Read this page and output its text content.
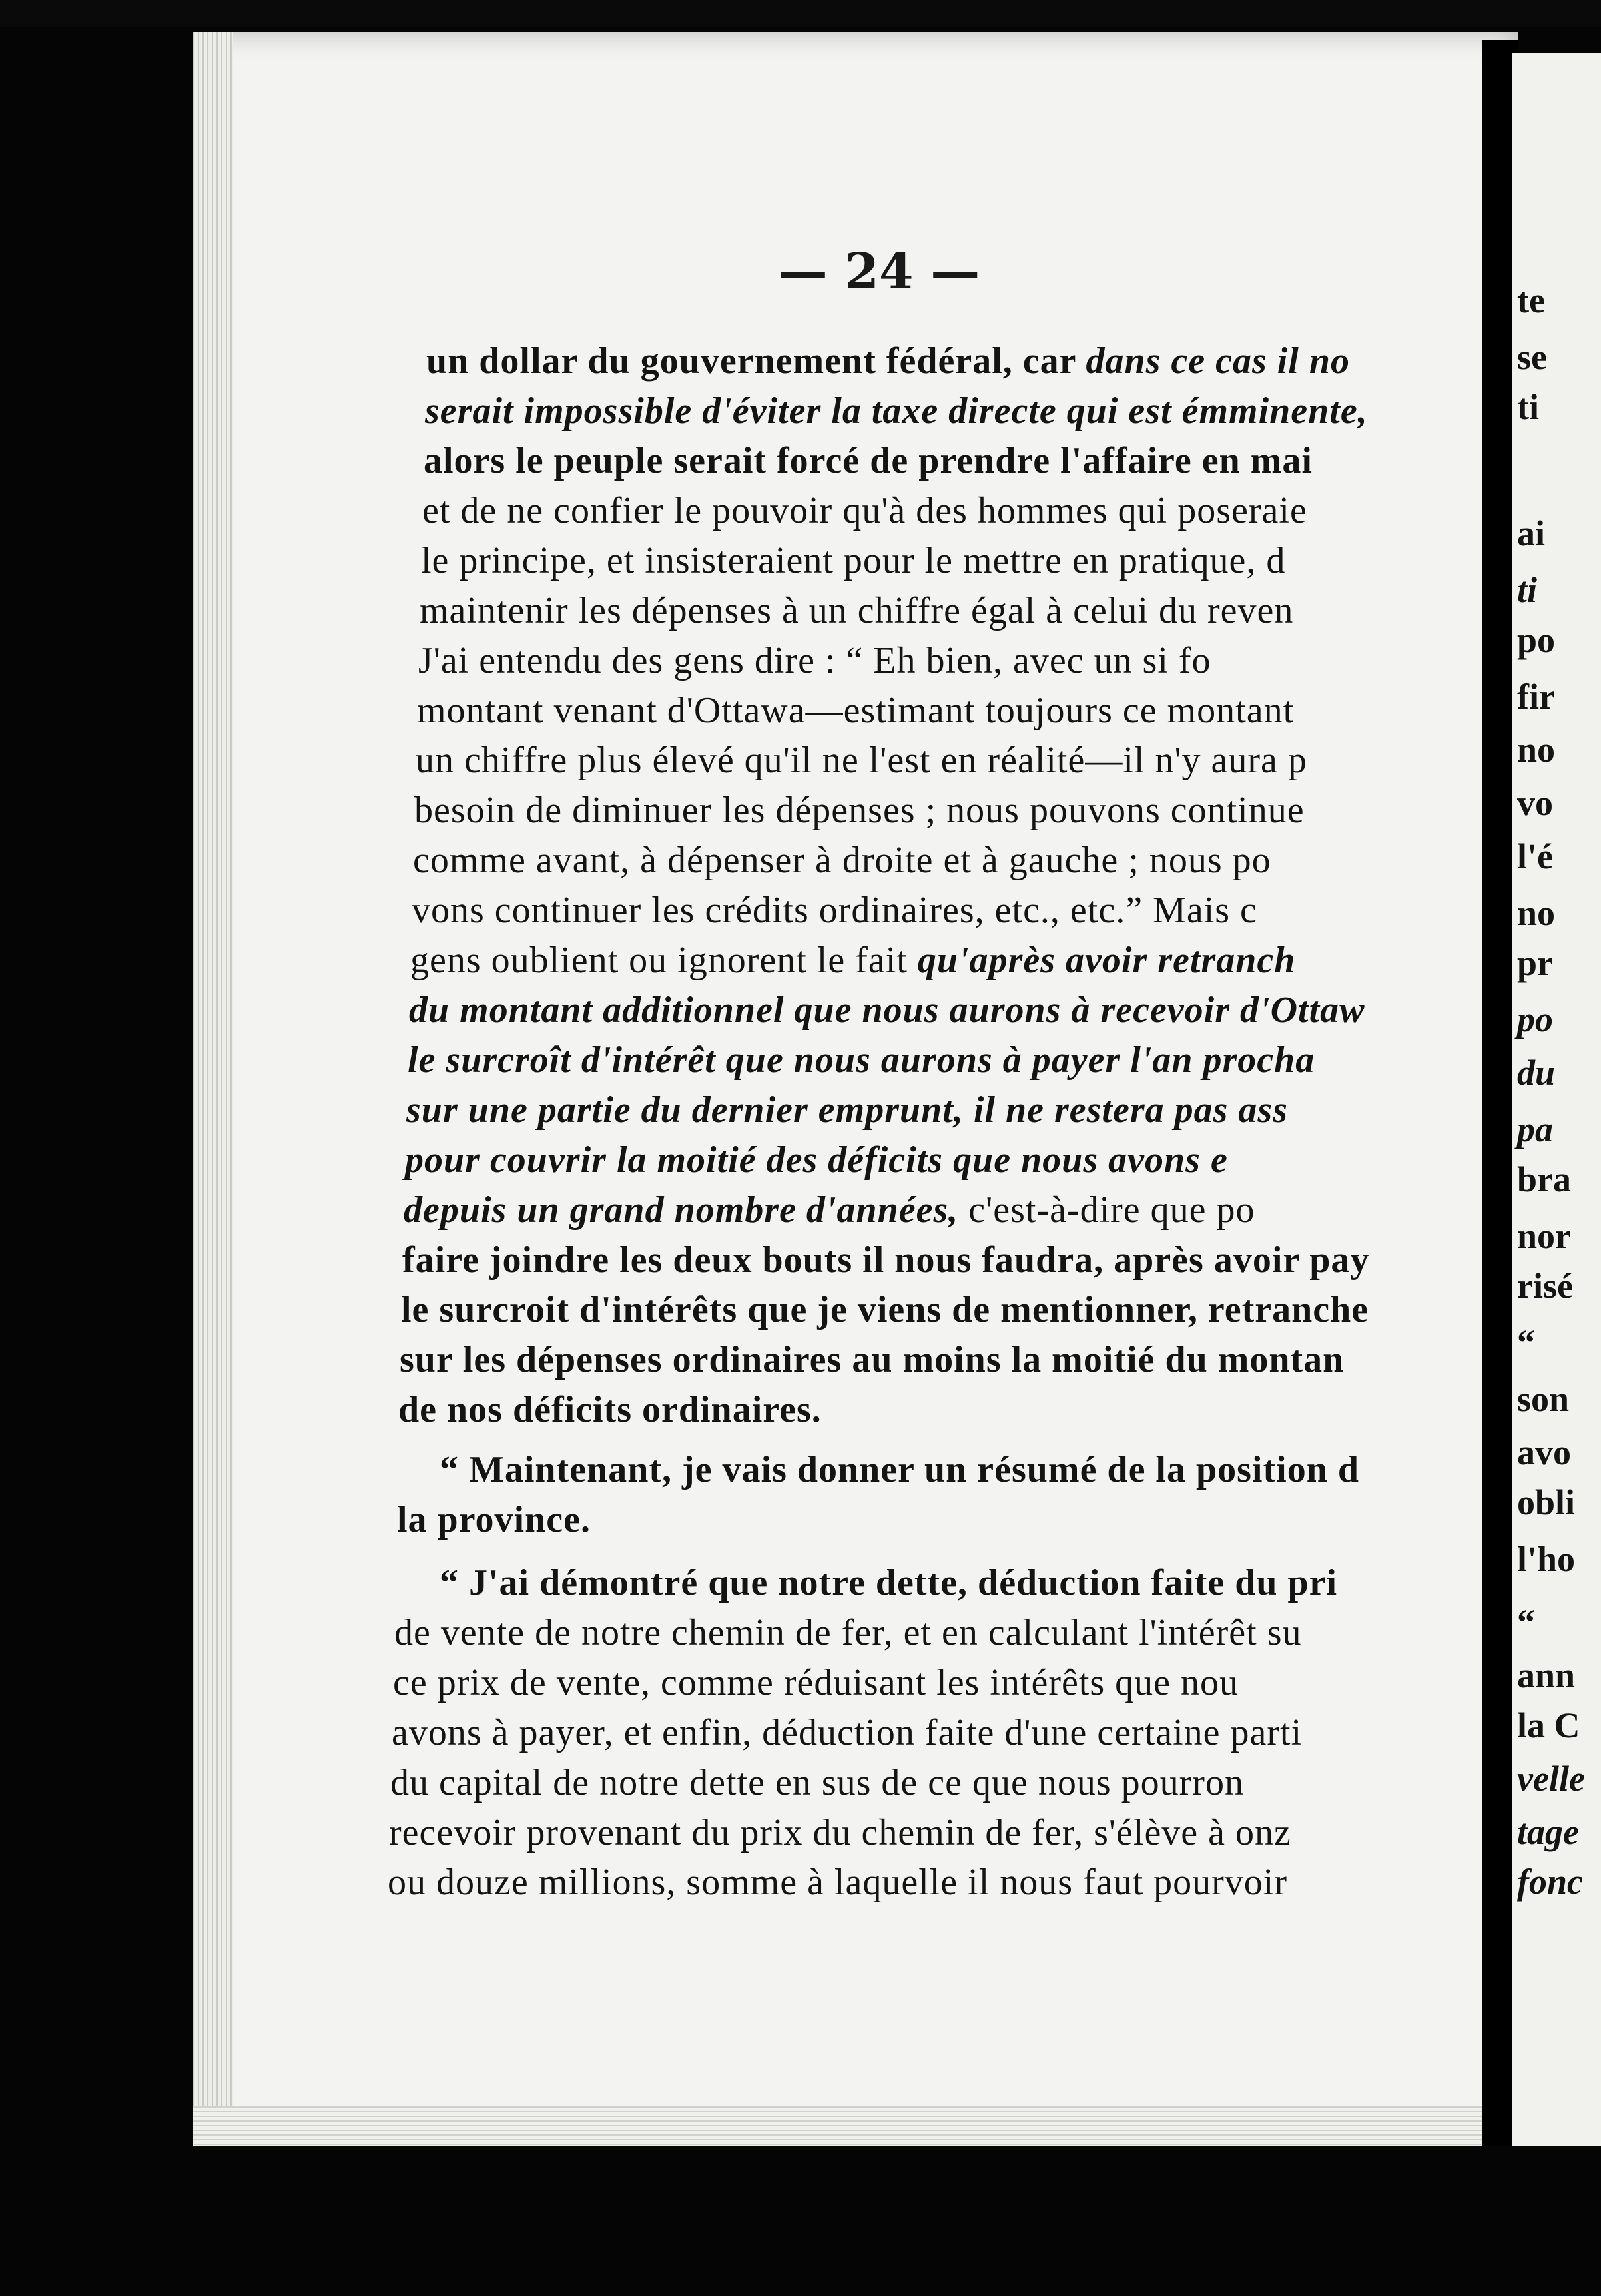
— 24 —
un dollar du gouvernement fédéral, car dans ce cas il no
serait impossible d'éviter la taxe directe qui est émminente,
alors le peuple serait forcé de prendre l'affaire en mai
et de ne confier le pouvoir qu'à des hommes qui poseraie
le principe, et insisteraient pour le mettre en pratique, d
maintenir les dépenses à un chiffre égal à celui du reven
J'ai entendu des gens dire : “ Eh bien, avec un si fo
montant venant d'Ottawa—estimant toujours ce montant
un chiffre plus élevé qu'il ne l'est en réalité—il n'y aura p
besoin de diminuer les dépenses ; nous pouvons continue
comme avant, à dépenser à droite et à gauche ; nous po
vons continuer les crédits ordinaires, etc., etc.” Mais c
gens oublient ou ignorent le fait qu'après avoir retranch
du montant additionnel que nous aurons à recevoir d'Ottaw
le surcroît d'intérêt que nous aurons à payer l'an procha
sur une partie du dernier emprunt, il ne restera pas ass
pour couvrir la moitié des déficits que nous avons e
depuis un grand nombre d'années, c'est-à-dire que po
faire joindre les deux bouts il nous faudra, après avoir pay
le surcroit d'intérêts que je viens de mentionner, retranche
sur les dépenses ordinaires au moins la moitié du montan
de nos déficits ordinaires.
“ Maintenant, je vais donner un résumé de la position d
la province.
“ J'ai démontré que notre dette, déduction faite du pri
de vente de notre chemin de fer, et en calculant l'intérêt su
ce prix de vente, comme réduisant les intérêts que nou
avons à payer, et enfin, déduction faite d'une certaine parti
du capital de notre dette en sus de ce que nous pourron
recevoir provenant du prix du chemin de fer, s'élève à onz
ou douze millions, somme à laquelle il nous faut pourvoir
te
se
ti
ai
ti
po
fir
no
vo
l'é
no
pr
po
du
pa
bra
nor
risé
“
son
avo
obli
l'ho
“
ann
la C
velle
tage
fonc
